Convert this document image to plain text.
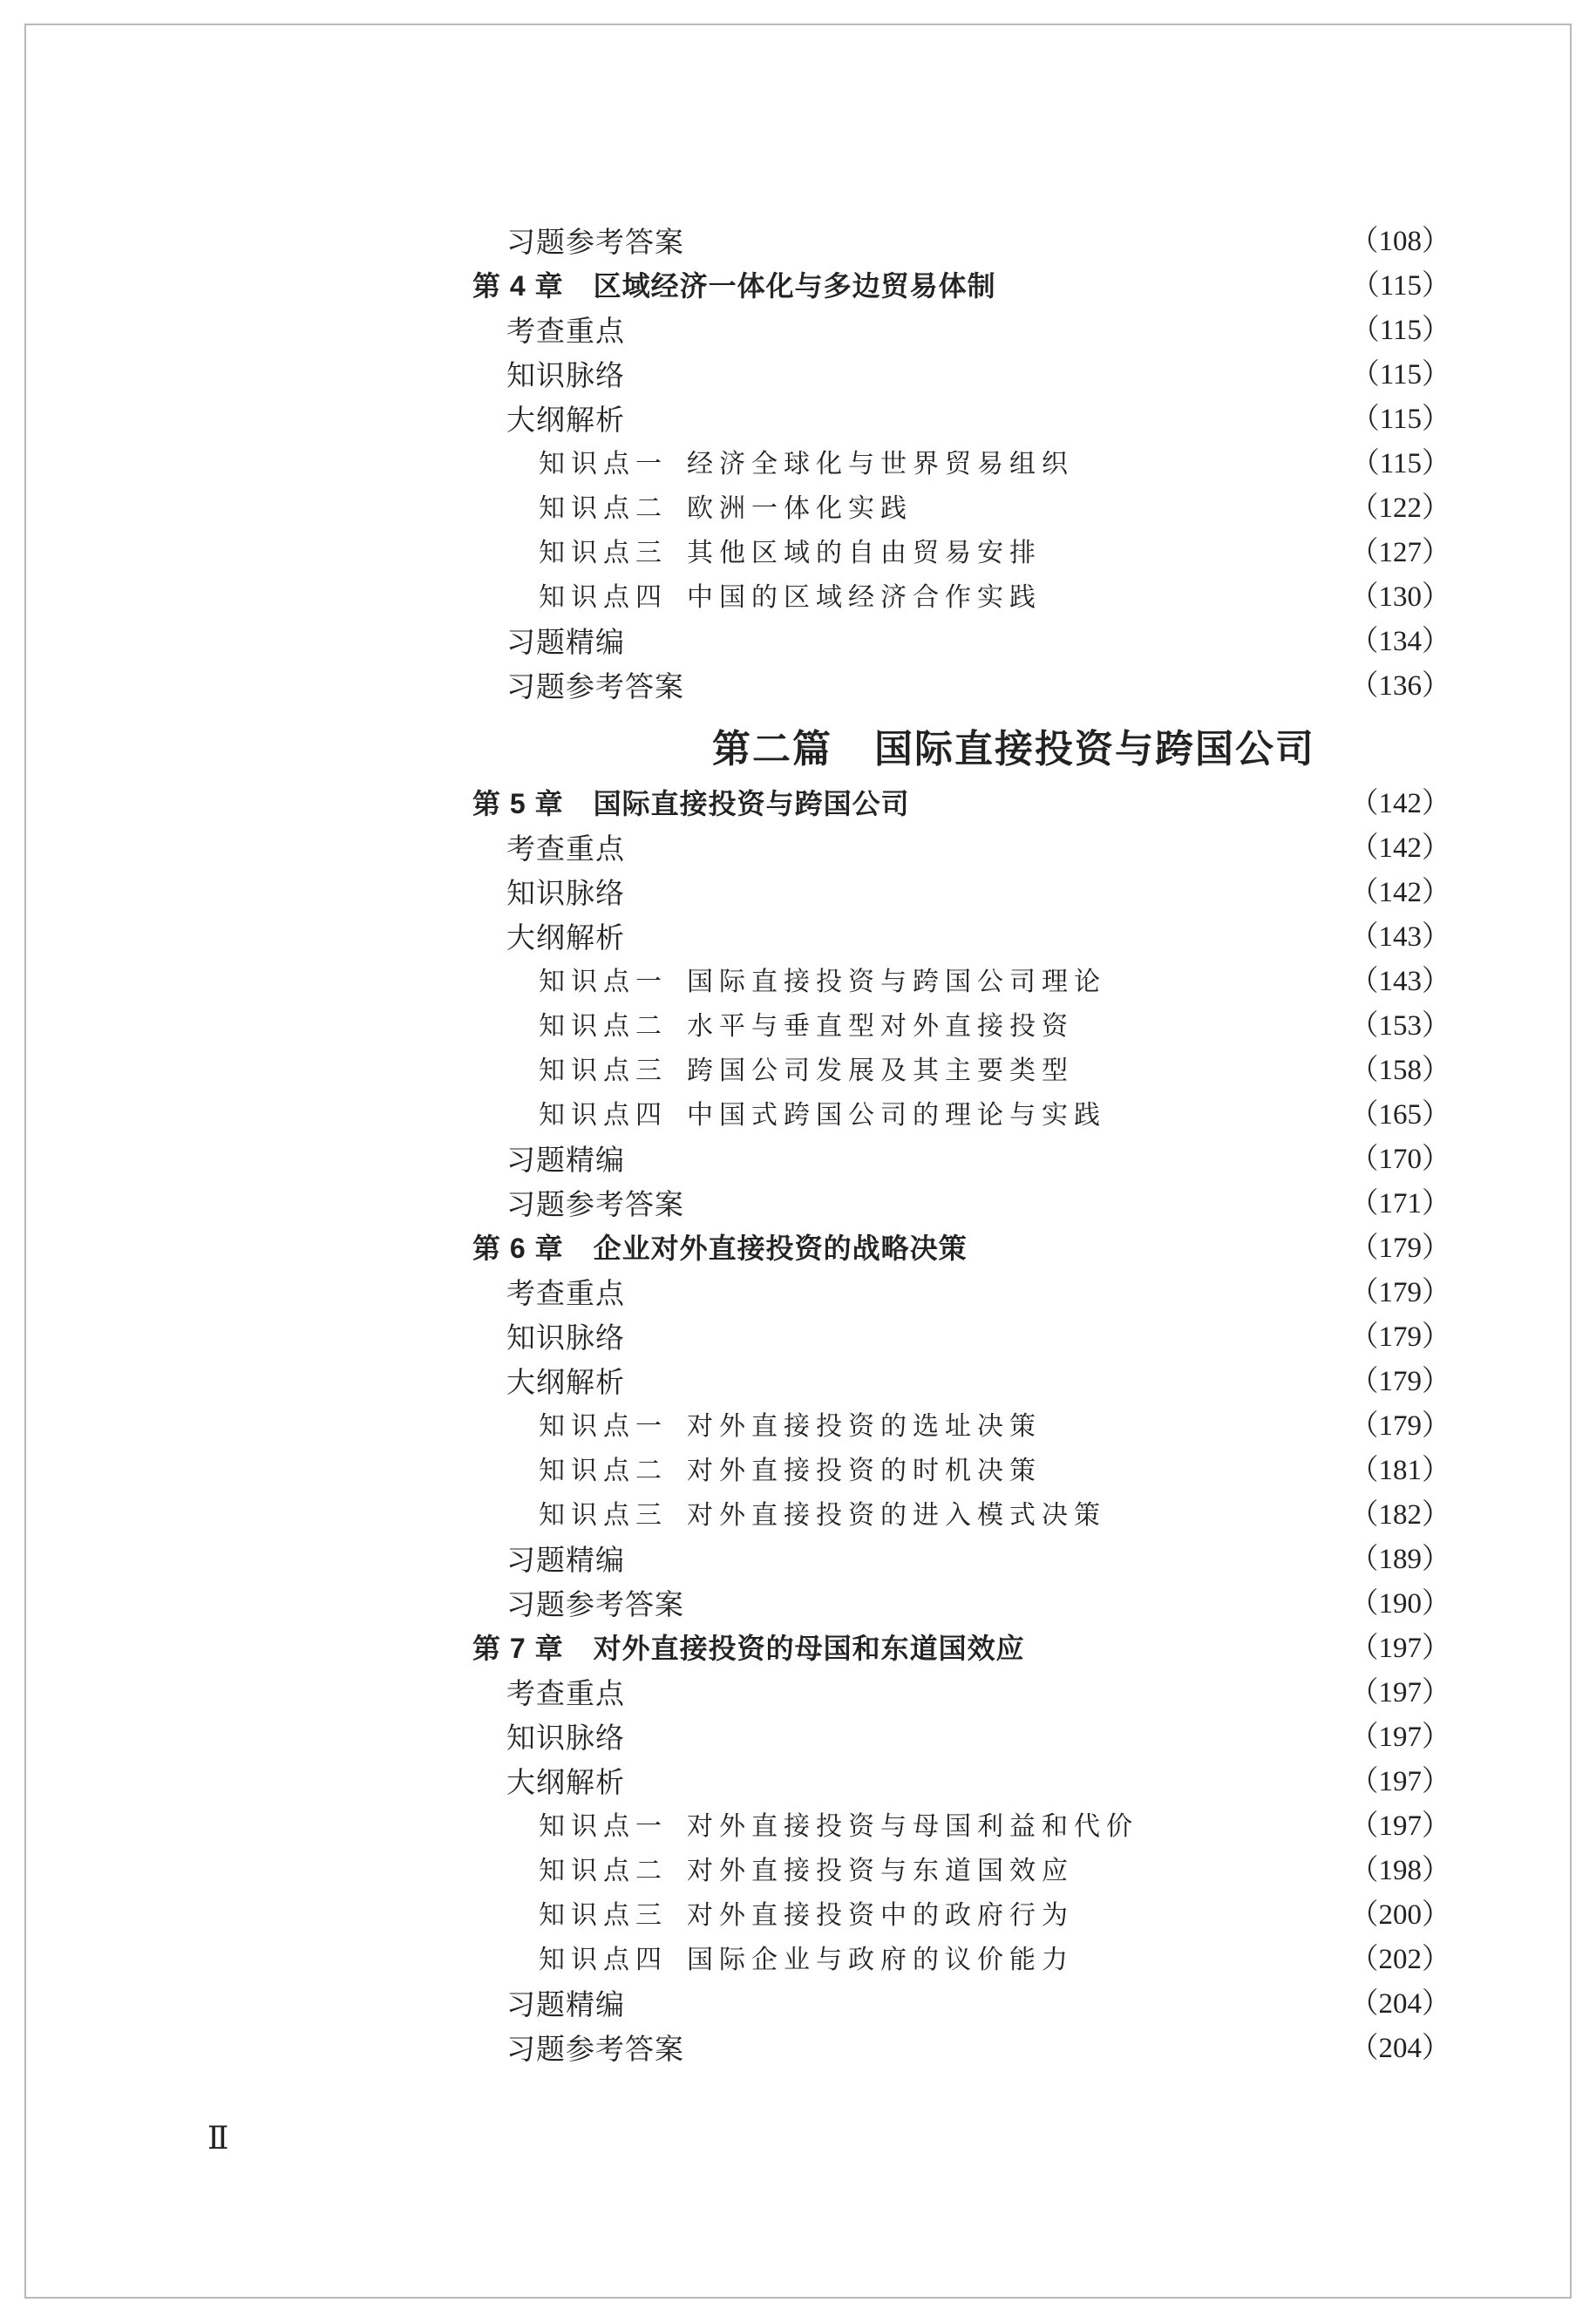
习题参考答案	（108）
第 4 章 区域经济一体化与多边贸易体制	（115）
考查重点	（115）
知识脉络	（115）
大纲解析	（115）
知识点一 经济全球化与世界贸易组织	（115）
知识点二 欧洲一体化实践	（122）
知识点三 其他区域的自由贸易安排	（127）
知识点四 中国的区域经济合作实践	（130）
习题精编	（134）
习题参考答案	（136）
第二篇 国际直接投资与跨国公司
第 5 章 国际直接投资与跨国公司	（142）
考查重点	（142）
知识脉络	（142）
大纲解析	（143）
知识点一 国际直接投资与跨国公司理论	（143）
知识点二 水平与垂直型对外直接投资	（153）
知识点三 跨国公司发展及其主要类型	（158）
知识点四 中国式跨国公司的理论与实践	（165）
习题精编	（170）
习题参考答案	（171）
第 6 章 企业对外直接投资的战略决策	（179）
考查重点	（179）
知识脉络	（179）
大纲解析	（179）
知识点一 对外直接投资的选址决策	（179）
知识点二 对外直接投资的时机决策	（181）
知识点三 对外直接投资的进入模式决策	（182）
习题精编	（189）
习题参考答案	（190）
第 7 章 对外直接投资的母国和东道国效应	（197）
考查重点	（197）
知识脉络	（197）
大纲解析	（197）
知识点一 对外直接投资与母国利益和代价	（197）
知识点二 对外直接投资与东道国效应	（198）
知识点三 对外直接投资中的政府行为	（200）
知识点四 国际企业与政府的议价能力	（202）
习题精编	（204）
习题参考答案	（204）
Ⅱ
